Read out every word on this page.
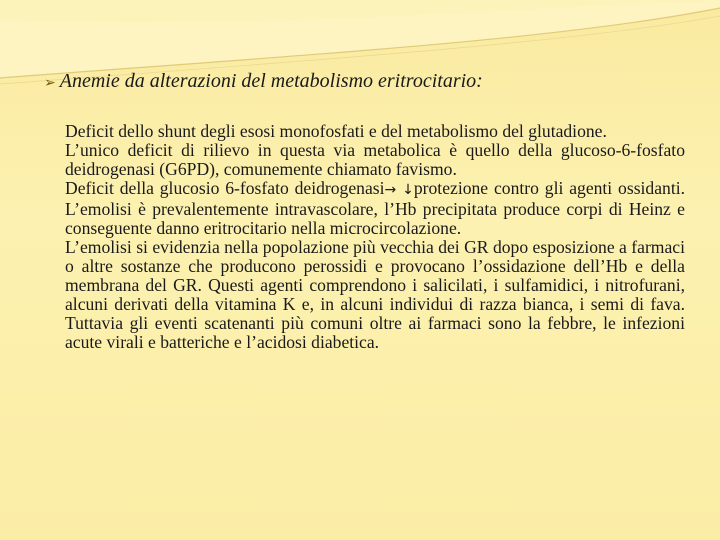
➢ Anemie da alterazioni del metabolismo eritrocitario:

Deficit dello shunt degli esosi monofosfati e del metabolismo del glutadione.

L’unico deficit di rilievo in questa via metabolica è quello della glucoso-6-fosfato deidrogenasi (G6PD), comunemente chiamato favismo.

Deficit della glucosio 6-fosfato deidrogenasi→ ↓protezione contro gli agenti ossidanti. L’emolisi è prevalentemente intravascolare, l’Hb precipitata produce corpi di Heinz e conseguente danno eritrocitario nella microcircolazione.

L’emolisi si evidenzia nella popolazione più vecchia dei GR dopo esposizione a farmaci o altre sostanze che producono perossidi e provocano l’ossidazione dell’Hb e della membrana del GR. Questi agenti comprendono i salicilati, i sulfamidici, i nitrofurani, alcuni derivati della vitamina K e, in alcuni individui di razza bianca, i semi di fava. Tuttavia gli eventi scatenanti più comuni oltre ai farmaci sono la febbre, le infezioni acute virali e batteriche e l’acidosi diabetica.
